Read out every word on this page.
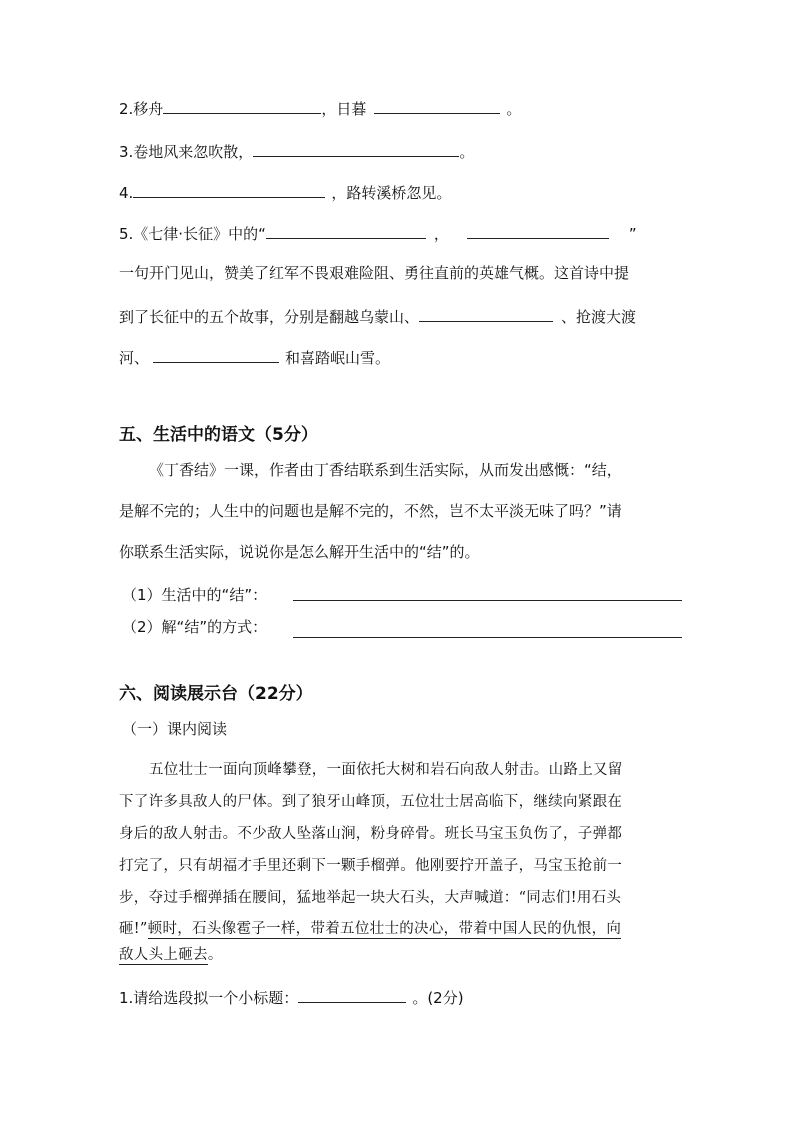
2.移舟	，日暮	。
3.卷地风来忽吹散，	。
4.	，路转溪桥忽见。
5.《七律·长征》中的“	，	”
一句开门见山，赞美了红军不畏艰难险阻、勇往直前的英雄气概。这首诗中提
到了长征中的五个故事，分别是翻越乌蒙山、	、抢渡大渡
河、	和喜踏岷山雪。
五、生活中的语文（5分）
《丁香结》一课，作者由丁香结联系到生活实际，从而发出感慨：“结，
是解不完的；人生中的问题也是解不完的，不然，岂不太平淡无味了吗？”请
你联系生活实际，说说你是怎么解开生活中的“结”的。
（1）生活中的“结”：
（2）解“结”的方式：
六、阅读展示台（22分）
（一）课内阅读
五位壮士一面向顶峰攀登，一面依托大树和岩石向敌人射击。山路上又留
下了许多具敌人的尸体。到了狼牙山峰顶，五位壮士居高临下，继续向紧跟在
身后的敌人射击。不少敌人坠落山涧，粉身碎骨。班长马宝玉负伤了，子弹都
打完了，只有胡福才手里还剩下一颗手榴弹。他刚要拧开盖子，马宝玉抢前一
步，夺过手榴弹插在腰间，猛地举起一块大石头，大声喊道：“同志们!用石头
砸!”顿时，石头像雹子一样，带着五位壮士的决心，带着中国人民的仇恨，向
敌人头上砸去。
1.请给选段拟一个小标题：	。(2分)
